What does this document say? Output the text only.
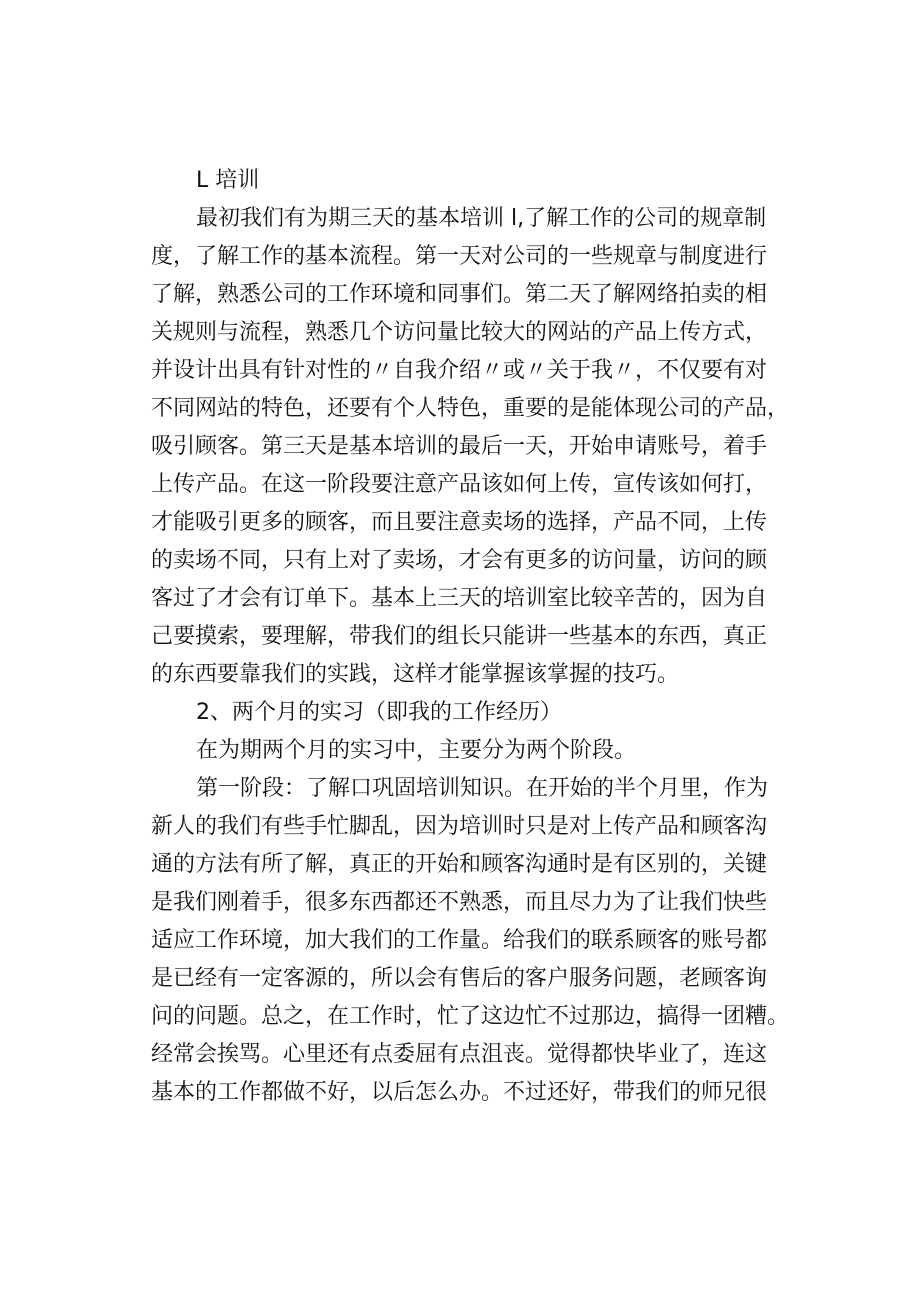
L 培训
最初我们有为期三天的基本培训 l,了解工作的公司的规章制
度，了解工作的基本流程。第一天对公司的一些规章与制度进行
了解，熟悉公司的工作环境和同事们。第二天了解网络拍卖的相
关规则与流程，熟悉几个访问量比较大的网站的产品上传方式，
并设计出具有针对性的〃自我介绍〃或〃关于我〃，不仅要有对
不同网站的特色，还要有个人特色，重要的是能体现公司的产品，
吸引顾客。第三天是基本培训的最后一天，开始申请账号，着手
上传产品。在这一阶段要注意产品该如何上传，宣传该如何打，
才能吸引更多的顾客，而且要注意卖场的选择，产品不同，上传
的卖场不同，只有上对了卖场，才会有更多的访问量，访问的顾
客过了才会有订单下。基本上三天的培训室比较辛苦的，因为自
己要摸索，要理解，带我们的组长只能讲一些基本的东西，真正
的东西要靠我们的实践，这样才能掌握该掌握的技巧。
2、两个月的实习（即我的工作经历）
在为期两个月的实习中，主要分为两个阶段。
第一阶段：了解口巩固培训知识。在开始的半个月里，作为
新人的我们有些手忙脚乱，因为培训时只是对上传产品和顾客沟
通的方法有所了解，真正的开始和顾客沟通时是有区别的，关键
是我们刚着手，很多东西都还不熟悉，而且尽力为了让我们快些
适应工作环境，加大我们的工作量。给我们的联系顾客的账号都
是已经有一定客源的，所以会有售后的客户服务问题，老顾客询
问的问题。总之，在工作时，忙了这边忙不过那边，搞得一团糟。
经常会挨骂。心里还有点委屈有点沮丧。觉得都快毕业了，连这
基本的工作都做不好，以后怎么办。不过还好，带我们的师兄很
